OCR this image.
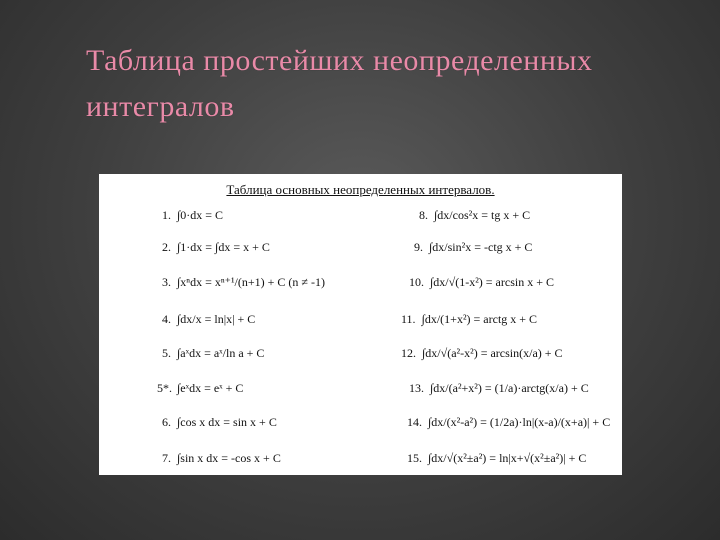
Таблица простейших неопределенных интегралов
Таблица основных неопределенных интервалов.
1. ∫0·dx = C
2. ∫1·dx = ∫dx = x + C
3. ∫xⁿdx = xⁿ⁺¹/(n+1) + C (n ≠ -1)
4. ∫dx/x = ln|x| + C
5. ∫aˣdx = aˣ/ln a + C
5*. ∫eˣdx = eˣ + C
6. ∫cos x dx = sin x + C
7. ∫sin x dx = -cos x + C
8. ∫dx/cos²x = tg x + C
9. ∫dx/sin²x = -ctg x + C
10. ∫dx/√(1-x²) = arcsin x + C
11. ∫dx/(1+x²) = arctg x + C
12. ∫dx/√(a²-x²) = arcsin(x/a) + C
13. ∫dx/(a²+x²) = (1/a)·arctg(x/a) + C
14. ∫dx/(x²-a²) = (1/2a)·ln|(x-a)/(x+a)| + C
15. ∫dx/√(x²±a²) = ln|x+√(x²±a²)| + C
